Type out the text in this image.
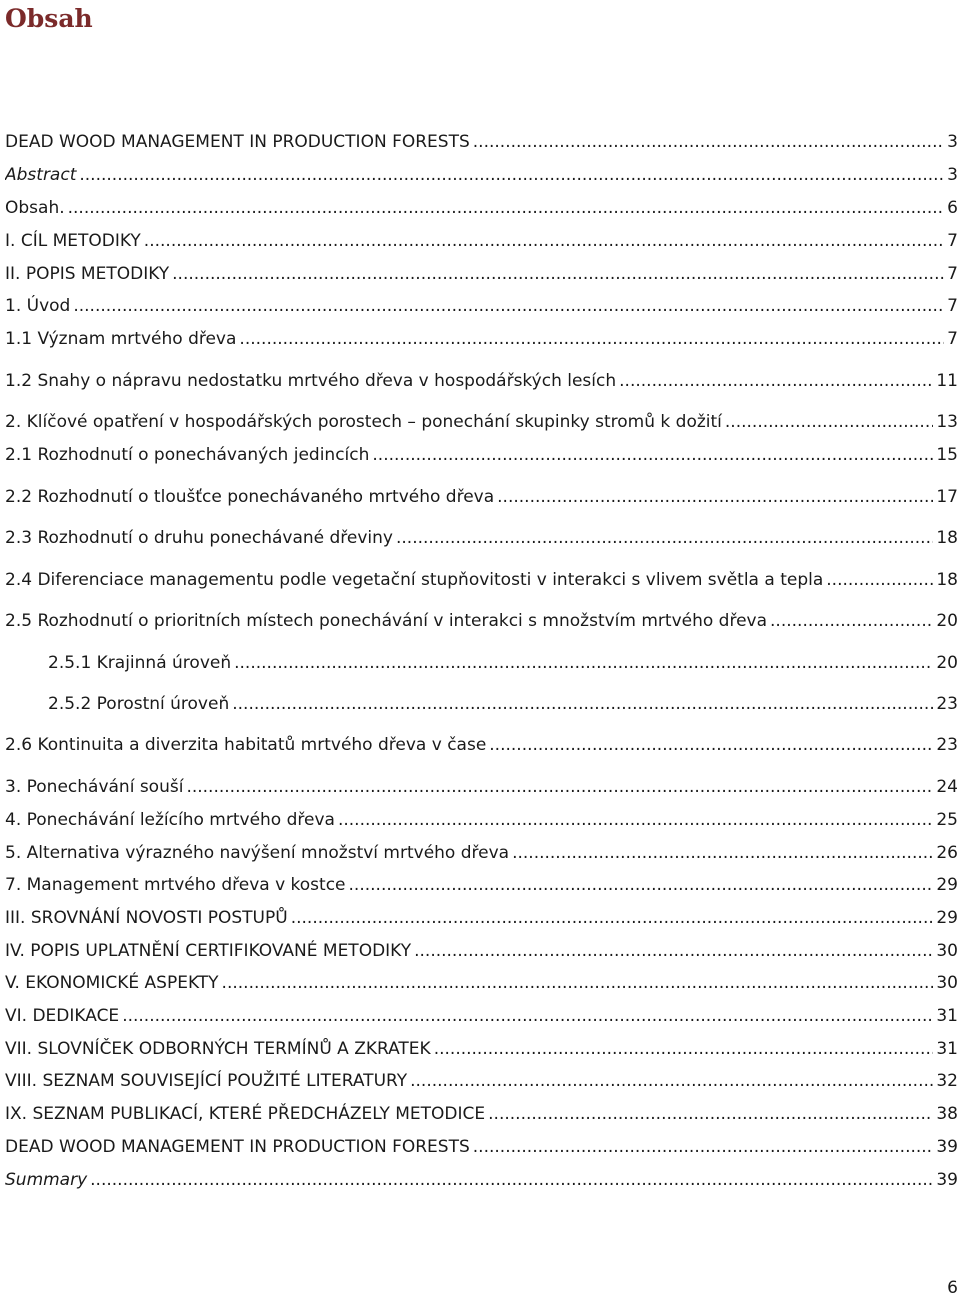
Obsah
DEAD WOOD MANAGEMENT IN PRODUCTION FORESTS .....	3
Abstract .....	3
Obsah. .....	6
I. CÍL METODIKY .....	7
II. POPIS METODIKY .....	7
1. Úvod .....	7
1.1 Význam mrtvého dřeva .....	7
1.2 Snahy o nápravu nedostatku mrtvého dřeva v hospodářských lesích .....	11
2. Klíčové opatření v hospodářských porostech – ponechání skupinky stromů k dožití .....	13
2.1 Rozhodnutí o ponechávaných jedincích .....	15
2.2 Rozhodnutí o tloušťce ponechávaného mrtvého dřeva .....	17
2.3 Rozhodnutí o druhu ponechávané dřeviny .....	18
2.4 Diferenciace managementu podle vegetační stupňovitosti v interakci s vlivem světla a tepla .....	18
2.5 Rozhodnutí o prioritních místech ponechávání v interakci s množstvím mrtvého dřeva .....	20
2.5.1 Krajinná úroveň .....	20
2.5.2 Porostní úroveň .....	23
2.6 Kontinuita a diverzita habitatů mrtvého dřeva v čase .....	23
3. Ponechávání souší .....	24
4. Ponechávání ležícího mrtvého dřeva .....	25
5. Alternativa výrazného navýšení množství mrtvého dřeva .....	26
7. Management mrtvého dřeva v kostce .....	29
III. SROVNÁNÍ NOVOSTI POSTUPŮ .....	29
IV. POPIS UPLATNĚNÍ CERTIFIKOVANÉ METODIKY .....	30
V. EKONOMICKÉ ASPEKTY .....	30
VI. DEDIKACE .....	31
VII. SLOVNÍČEK ODBORNÝCH TERMÍNŮ A ZKRATEK .....	31
VIII. SEZNAM SOUVISEJÍCÍ POUŽITÉ LITERATURY .....	32
IX. SEZNAM PUBLIKACÍ, KTERÉ PŘEDCHÁZELY METODICE .....	38
DEAD WOOD MANAGEMENT IN PRODUCTION FORESTS .....	39
Summary .....	39
6
